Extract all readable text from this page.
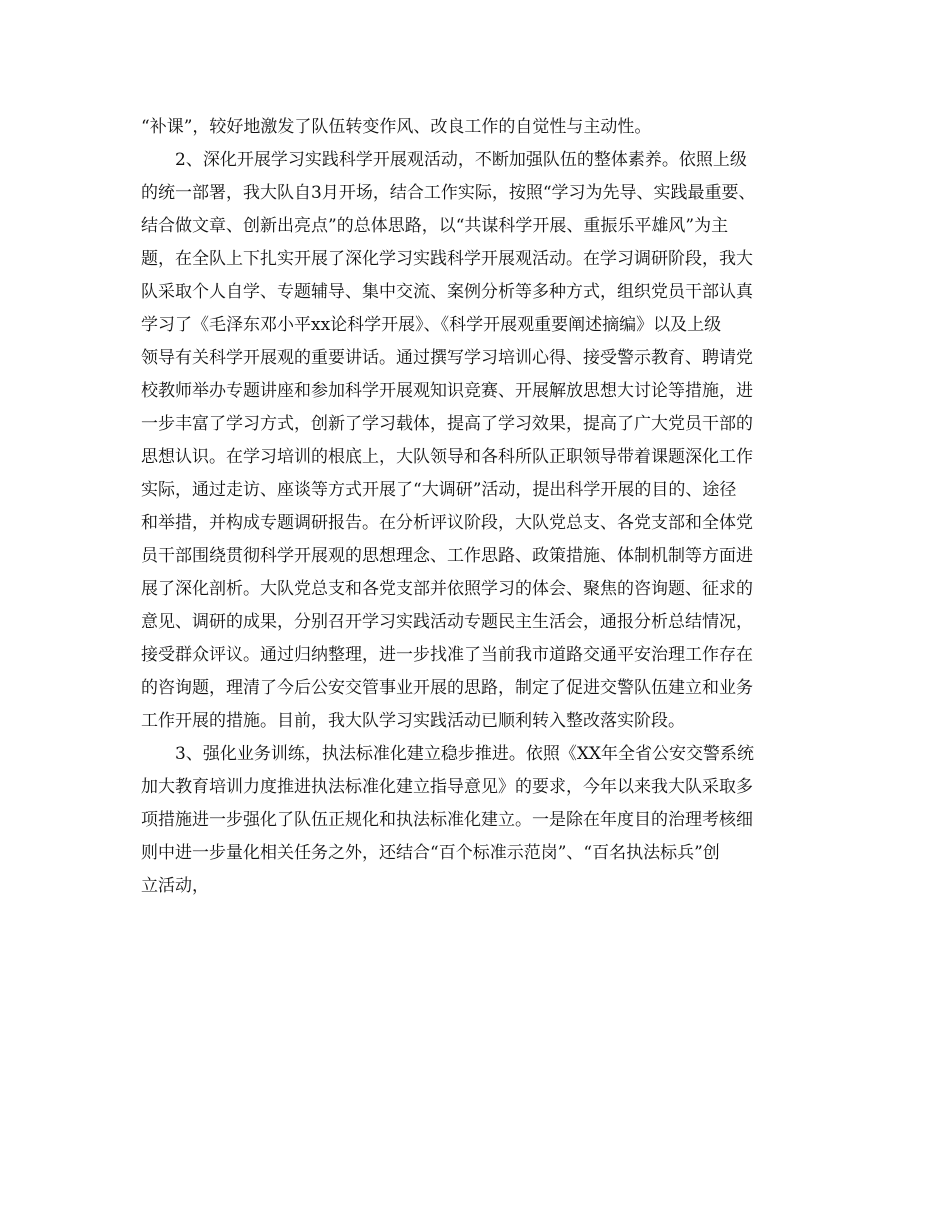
“补课”，较好地激发了队伍转变作风、改良工作的自觉性与主动性。
2、深化开展学习实践科学开展观活动，不断加强队伍的整体素养。依照上级
的统一部署，我大队自3月开场，结合工作实际，按照“学习为先导、实践最重要、
结合做文章、创新出亮点”的总体思路，以“共谋科学开展、重振乐平雄风”为主
题，在全队上下扎实开展了深化学习实践科学开展观活动。在学习调研阶段，我大
队采取个人自学、专题辅导、集中交流、案例分析等多种方式，组织党员干部认真
学习了《毛泽东邓小平xx论科学开展》、《科学开展观重要阐述摘编》以及上级
领导有关科学开展观的重要讲话。通过撰写学习培训心得、接受警示教育、聘请党
校教师举办专题讲座和参加科学开展观知识竞赛、开展解放思想大讨论等措施，进
一步丰富了学习方式，创新了学习载体，提高了学习效果，提高了广大党员干部的
思想认识。在学习培训的根底上，大队领导和各科所队正职领导带着课题深化工作
实际，通过走访、座谈等方式开展了“大调研”活动，提出科学开展的目的、途径
和举措，并构成专题调研报告。在分析评议阶段，大队党总支、各党支部和全体党
员干部围绕贯彻科学开展观的思想理念、工作思路、政策措施、体制机制等方面进
展了深化剖析。大队党总支和各党支部并依照学习的体会、聚焦的咨询题、征求的
意见、调研的成果，分别召开学习实践活动专题民主生活会，通报分析总结情况，
接受群众评议。通过归纳整理，进一步找准了当前我市道路交通平安治理工作存在
的咨询题，理清了今后公安交管事业开展的思路，制定了促进交警队伍建立和业务
工作开展的措施。目前，我大队学习实践活动已顺利转入整改落实阶段。
3、强化业务训练，执法标准化建立稳步推进。依照《XX年全省公安交警系统
加大教育培训力度推进执法标准化建立指导意见》的要求，今年以来我大队采取多
项措施进一步强化了队伍正规化和执法标准化建立。一是除在年度目的治理考核细
则中进一步量化相关任务之外，还结合“百个标准示范岗”、“百名执法标兵”创
立活动，
